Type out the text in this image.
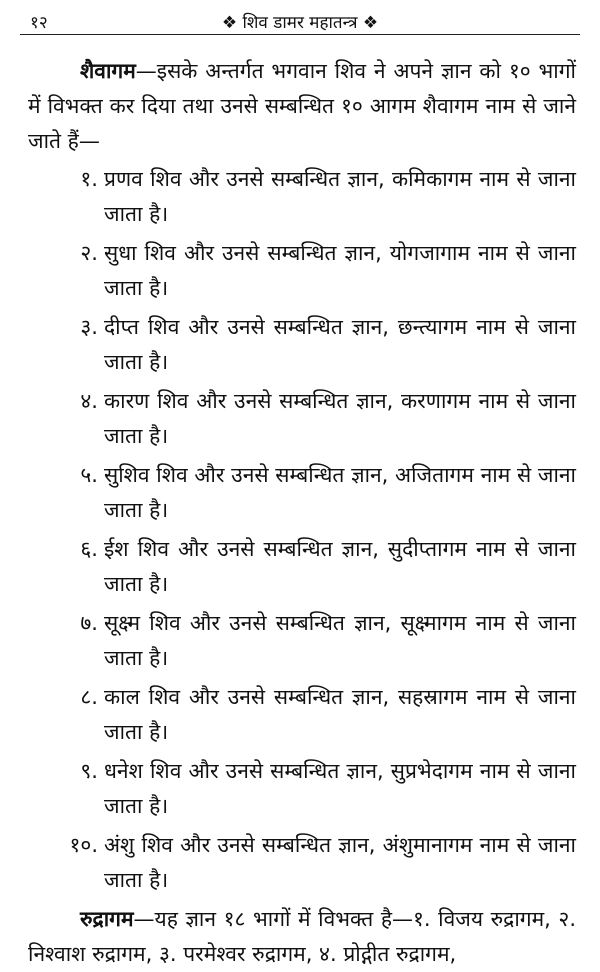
१२	❖ शिव डामर महातन्त्र ❖

शैवागम—इसके अन्तर्गत भगवान शिव ने अपने ज्ञान को १० भागों में विभक्त कर दिया तथा उनसे सम्बन्धित १० आगम शैवागम नाम से जाने जाते हैं—

१. प्रणव शिव और उनसे सम्बन्धित ज्ञान, कमिकागम नाम से जाना जाता है।
२. सुधा शिव और उनसे सम्बन्धित ज्ञान, योगजागाम नाम से जाना जाता है।
३. दीप्त शिव और उनसे सम्बन्धित ज्ञान, छन्त्यागम नाम से जाना जाता है।
४. कारण शिव और उनसे सम्बन्धित ज्ञान, करणागम नाम से जाना जाता है।
५. सुशिव शिव और उनसे सम्बन्धित ज्ञान, अजितागम नाम से जाना जाता है।
६. ईश शिव और उनसे सम्बन्धित ज्ञान, सुदीप्तागम नाम से जाना जाता है।
७. सूक्ष्म शिव और उनसे सम्बन्धित ज्ञान, सूक्ष्मागम नाम से जाना जाता है।
८. काल शिव और उनसे सम्बन्धित ज्ञान, सहस्रागम नाम से जाना जाता है।
९. धनेश शिव और उनसे सम्बन्धित ज्ञान, सुप्रभेदागम नाम से जाना जाता है।
१०. अंशु शिव और उनसे सम्बन्धित ज्ञान, अंशुमानागम नाम से जाना जाता है।

रुद्रागम—यह ज्ञान १८ भागों में विभक्त है—१. विजय रुद्रागम, २. निश्वाश रुद्रागम, ३. परमेश्वर रुद्रागम, ४. प्रोद्गीत रुद्रागम,
